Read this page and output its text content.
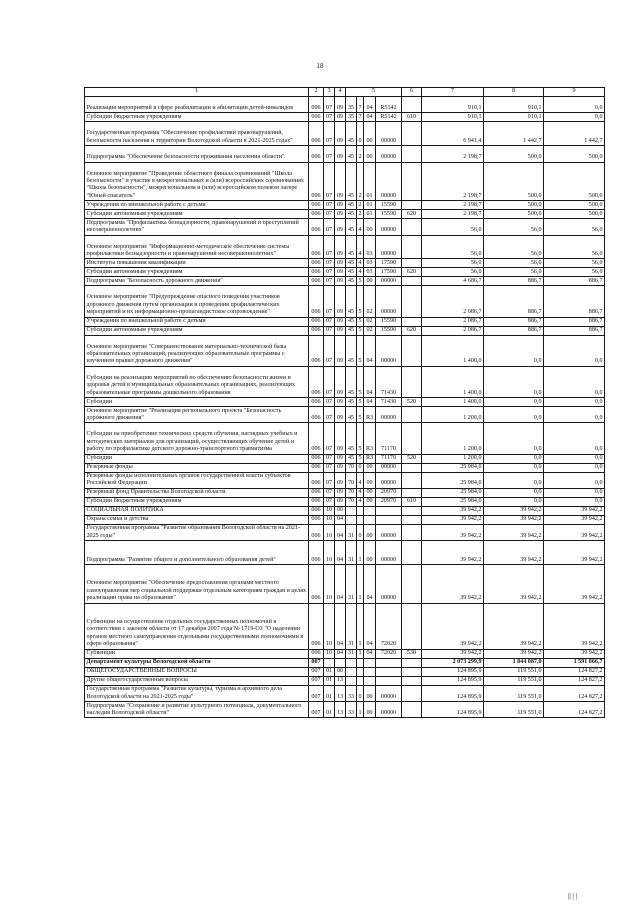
18
1	2	3	4	5				6	7	8	9
Реализация мероприятий в сфере реабилитации и абилитации детей-инвалидов	006	07	09	35	7	04	R5142			910,1	910,1	0,0
Субсидии бюджетным учреждениям	006	07	09	35	7	04	R5142		610	910,1	910,1	0,0
Государственная программа "Обеспечение профилактики правонарушений, безопасности населения и территории Вологодской области в 2021-2025 годах"	006	07	09	45	0	00	00000			6 941,4	1 442,7	1 442,7
Подпрограмма "Обеспечение безопасности проживания населения области"	006	07	09	45	2	00	00000			2 198,7	500,0	500,0
Основное мероприятие "Проведение областного финала соревнований "Школа безопасности" и участие в межрегиональных и (или) всероссийских соревнованиях "Школа безопасности", межрегиональном и (или) всероссийском полевом лагере "Юный спасатель"	006	07	09	45	2	01	00000			2 198,7	500,0	500,0
Учреждения по внешкольной работе с детьми	006	07	09	45	2	01	15590			2 198,7	500,0	500,0
Субсидии автономным учреждениям	006	07	09	45	2	01	15590		620	2 198,7	500,0	500,0
Подпрограмма "Профилактика безнадзорности, правонарушений и преступлений несовершеннолетних"	006	07	09	45	4	00	00000			56,0	56,0	56,0
Основное мероприятие "Информационно-методическое обеспечение системы профилактики безнадзорности и правонарушений несовершеннолетних"	006	07	09	45	4	03	00000			56,0	56,0	56,0
Институты повышения квалификации	006	07	09	45	4	03	17590			56,0	56,0	56,0
Субсидии автономным учреждениям	006	07	09	45	4	03	17590		620	56,0	56,0	56,0
Подпрограмма "Безопасность дорожного движения"	006	07	09	45	5	00	00000			4 686,7	886,7	886,7
Основное мероприятие "Предупреждение опасного поведения участников дорожного движения путем организации и проведения профилактических мероприятий и их информационно-пропагандистское сопровождение"	006	07	09	45	5	02	00000			2 086,7	886,7	886,7
Учреждения по внешкольной работе с детьми	006	07	09	45	5	02	15590			2 086,7	886,7	886,7
Субсидии автономным учреждениям	006	07	09	45	5	02	15590		620	2 086,7	886,7	886,7
Основное мероприятие "Совершенствование материально-технической базы образовательных организаций, реализующих образовательные программы с изучением правил дорожного движения"	006	07	09	45	5	04	00000			1 400,0	0,0	0,0
Субсидии на реализацию мероприятий по обеспечению безопасности жизни и здоровья детей в муниципальных образовательных организациях, реализующих образовательные программы дошкольного образования	006	07	09	45	5	04	71430			1 400,0	0,0	0,0
Субсидии	006	07	09	45	5	04	71430		520	1 400,0	0,0	0,0
Основное мероприятие "Реализация регионального проекта "Безопасность дорожного движения"	006	07	09	45	5	R3	00000			1 200,0	0,0	0,0
Субсидии на приобретение технических средств обучения, наглядных учебных и методических материалов для организаций, осуществляющих обучение детей и работу по профилактике детского дорожно-транспортного травматизма	006	07	09	45	5	R3	71170			1 200,0	0,0	0,0
Субсидии	006	07	09	45	5	R3	71170		520	1 200,0	0,0	0,0
Резервные фонды	006	07	09	70	0	00	00000			25 984,0	0,0	0,0
Резервные фонды исполнительных органов государственной власти субъектов Российской Федерации	006	07	09	70	4	00	00000			25 984,0	0,0	0,0
Резервный фонд Правительства Вологодской области	006	07	09	70	4	00	20970			25 984,0	0,0	0,0
Субсидии бюджетным учреждениям	006	07	09	70	4	00	20970		610	25 984,0	0,0	0,0
СОЦИАЛЬНАЯ ПОЛИТИКА	006	10	00							39 942,2	39 942,2	39 942,2
Охрана семьи и детства	006	10	04							39 942,2	39 942,2	39 942,2
Государственная программа "Развитие образования Вологодской области на 2021-2025 годы"	006	10	04	31	0	00	00000			39 942,2	39 942,2	39 942,2
Подпрограмма "Развитие общего и дополнительного образования детей"	006	10	04	31	1	00	00000			39 942,2	39 942,2	39 942,2
Основное мероприятие "Обеспечение предоставления органами местного самоуправления мер социальной поддержки отдельным категориям граждан в целях реализации права на образование"	006	10	04	31	1	04	00000			39 942,2	39 942,2	39 942,2
Субвенции на осуществление отдельных государственных полномочий в соответствии с законом области от 17 декабря 2007 года № 1719-ОЗ "О наделении органов местного самоуправления отдельными государственными полномочиями в сфере образования"	006	10	04	31	1	04	72020			39 942,2	39 942,2	39 942,2
Субвенции	006	10	04	31	1	04	72020		530	39 942,2	39 942,2	39 942,2
Департамент культуры Вологодской области	007									2 073 299,9	1 844 087,0	1 591 866,7
ОБЩЕГОСУДАРСТВЕННЫЕ ВОПРОСЫ	007	01	00							124 895,9	119 551,0	124 827,2
Другие общегосударственные вопросы	007	01	13							124 895,9	119 551,0	124 827,2
Государственная программа "Развитие культуры, туризма и архивного дела Вологодской области на 2021-2025 годы"	007	01	13	33	0	00	00000			124 895,9	119 551,0	124 827,2
Подпрограмма "Сохранение и развитие культурного потенциала, документального наследия Вологодской области"	007	01	13	33	1	00	00000			124 895,9	119 551,0	124 827,2
|| | |
